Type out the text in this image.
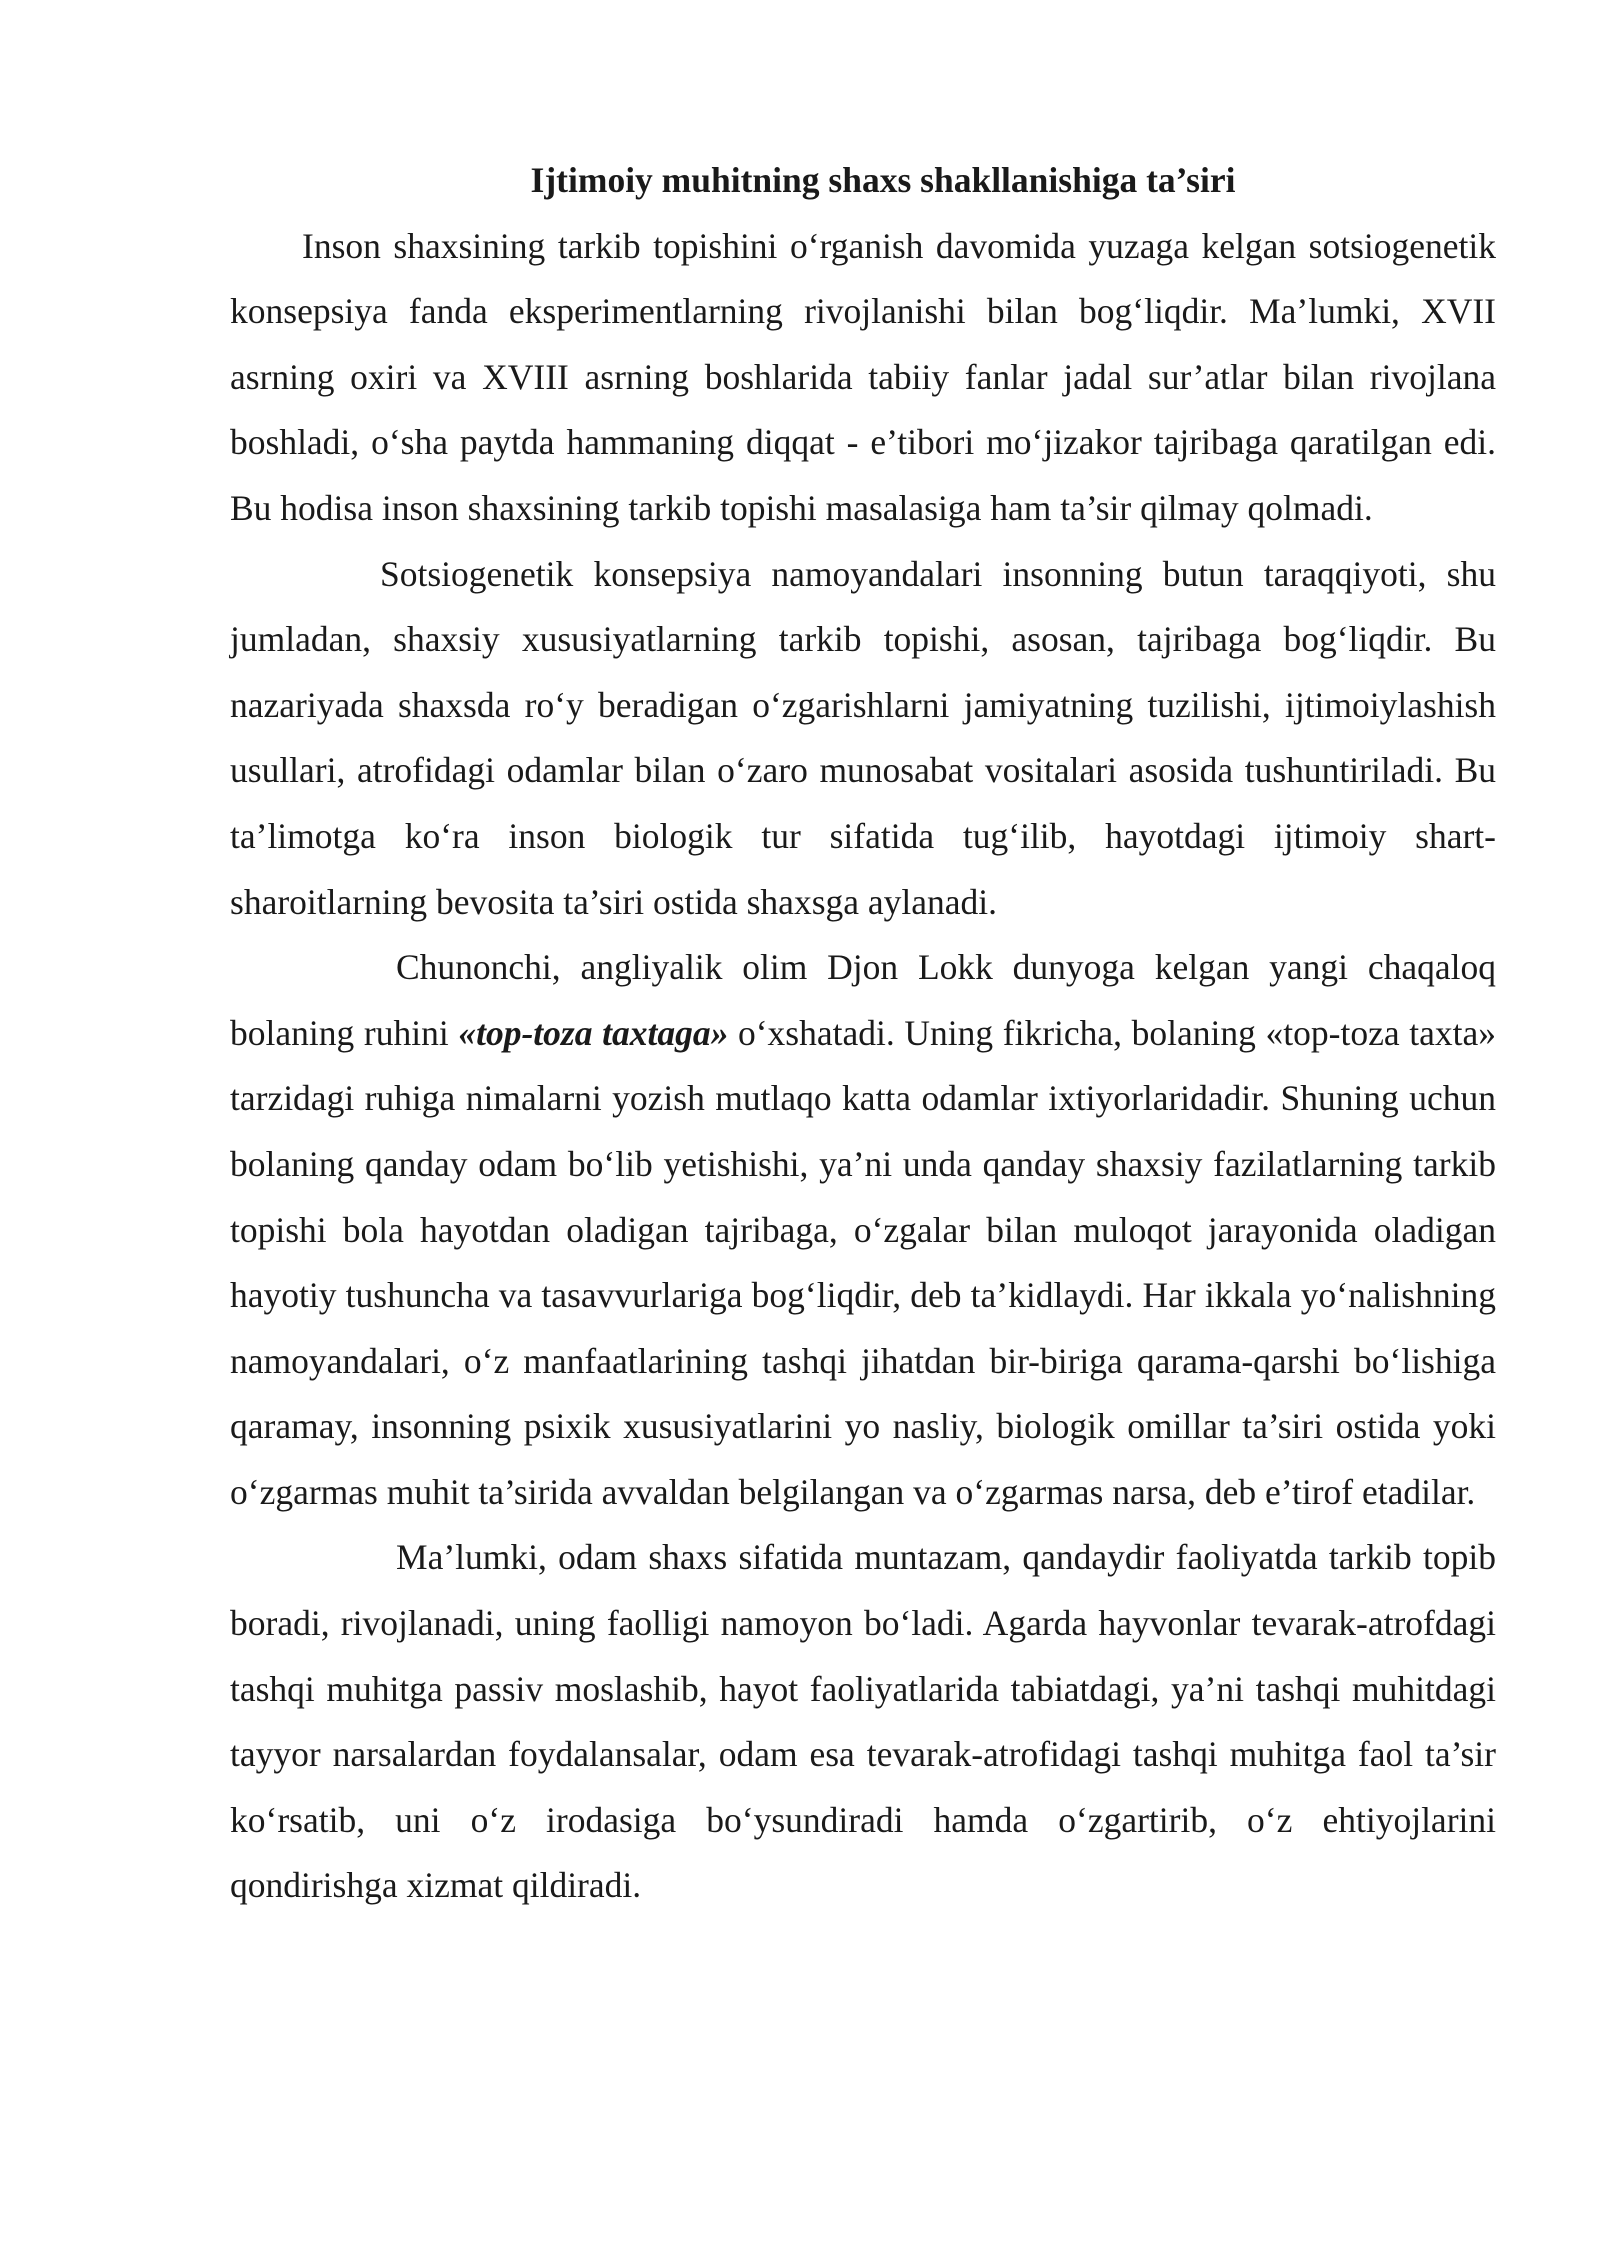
Ijtimoiy muhitning shaxs shakllanishiga ta’siri

Inson shaxsining tarkib topishini o‘rganish davomida yuzaga kelgan sotsiogenetik konsepsiya fanda eksperimentlarning rivojlanishi bilan bog‘liqdir. Ma’lumki, XVII asrning oxiri va XVIII asrning boshlarida tabiiy fanlar jadal sur’atlar bilan rivojlana boshladi, o‘sha paytda hammaning diqqat - e’tibori mo‘jizakor tajribaga qaratilgan edi. Bu hodisa inson shaxsining tarkib topishi masalasiga ham ta’sir qilmay qolmadi.

Sotsiogenetik konsepsiya namoyandalari insonning butun taraqqiyoti, shu jumladan, shaxsiy xususiyatlarning tarkib topishi, asosan, tajribaga bog‘liqdir. Bu nazariyada shaxsda ro‘y beradigan o‘zgarishlarni jamiyatning tuzilishi, ijtimoiylashish usullari, atrofidagi odamlar bilan o‘zaro munosabat vositalari asosida tushuntiriladi. Bu ta’limotga ko‘ra inson biologik tur sifatida tug‘ilib, hayotdagi ijtimoiy shart-sharoitlarning bevosita ta’siri ostida shaxsga aylanadi.

Chunonchi, angliyalik olim Djon Lokk dunyoga kelgan yangi chaqaloq bolaning ruhini «top-toza taxtaga» o‘xshatadi. Uning fikricha, bolaning «top-toza taxta» tarzidagi ruhiga nimalarni yozish mutlaqo katta odamlar ixtiyorlaridadir. Shuning uchun bolaning qanday odam bo‘lib yetishishi, ya’ni unda qanday shaxsiy fazilatlarning tarkib topishi bola hayotdan oladigan tajribaga, o‘zgalar bilan muloqot jarayonida oladigan hayotiy tushuncha va tasavvurlariga bog‘liqdir, deb ta’kidlaydi. Har ikkala yo‘nalishning namoyandalari, o‘z manfaatlarining tashqi jihatdan bir-biriga qarama-qarshi bo‘lishiga qaramay, insonning psixik xususiyatlarini yo nasliy, biologik omillar ta’siri ostida yoki o‘zgarmas muhit ta’sirida avvaldan belgilangan va o‘zgarmas narsa, deb e’tirof etadilar.

Ma’lumki, odam shaxs sifatida muntazam, qandaydir faoliyatda tarkib topib boradi, rivojlanadi, uning faolligi namoyon bo‘ladi. Agarda hayvonlar tevarak-atrofdagi tashqi muhitga passiv moslashib, hayot faoliyatlarida tabiatdagi, ya’ni tashqi muhitdagi tayyor narsalardan foydalansalar, odam esa tevarak-atrofidagi tashqi muhitga faol ta’sir ko‘rsatib, uni o‘z irodasiga bo‘ysundiradi hamda o‘zgartirib, o‘z ehtiyojlarini qondirishga xizmat qildiradi.
